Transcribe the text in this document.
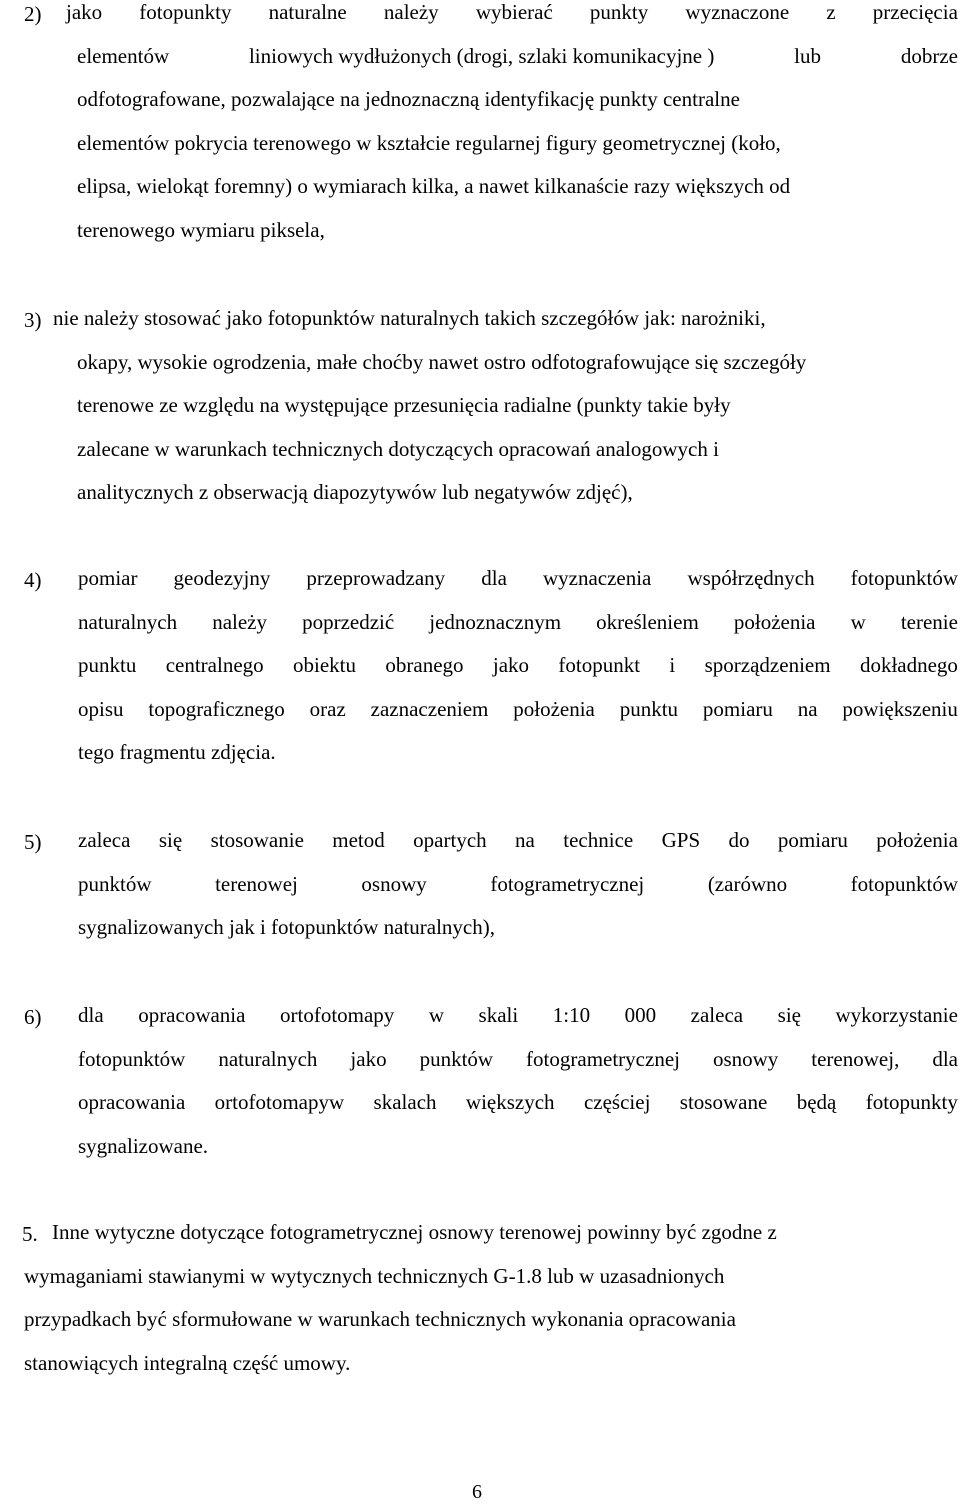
2) jako fotopunkty naturalne należy wybierać punkty wyznaczone z przecięcia
elementów	liniowych wydłużonych (drogi, szlaki komunikacyjne )	lub	dobrze
odfotografowane, pozwalające na jednoznaczną identyfikację punkty centralne
elementów pokrycia terenowego w kształcie regularnej figury geometrycznej (koło,
elipsa, wielokąt foremny) o wymiarach kilka, a nawet kilkanaście razy większych od
terenowego wymiaru piksela,
3) nie należy stosować jako fotopunktów naturalnych takich szczegółów jak: narożniki,
okapy, wysokie ogrodzenia, małe choćby nawet ostro odfotografowujące się szczegóły
terenowe ze względu na występujące przesunięcia radialne (punkty takie były
zalecane w warunkach technicznych dotyczących opracowań analogowych i
analitycznych z obserwacją diapozytywów lub negatywów zdjęć),
4) pomiar geodezyjny przeprowadzany dla wyznaczenia współrzędnych fotopunktów
naturalnych należy poprzedzić jednoznacznym określeniem położenia w terenie
punktu centralnego obiektu obranego jako fotopunkt i sporządzeniem dokładnego
opisu topograficznego oraz zaznaczeniem położenia punktu pomiaru na powiększeniu
tego fragmentu zdjęcia.
5) zaleca się stosowanie metod opartych na technice GPS do pomiaru położenia
punktów	terenowej	osnowy	fotogrametrycznej	(zarówno	fotopunktów
sygnalizowanych jak i fotopunktów naturalnych),
6) dla opracowania ortofotomapy w skali 1:10 000 zaleca się wykorzystanie
fotopunktów naturalnych jako punktów fotogrametrycznej osnowy terenowej, dla
opracowania ortofotomapyw skalach większych częściej stosowane będą fotopunkty
sygnalizowane.
5. Inne wytyczne dotyczące fotogrametrycznej osnowy terenowej powinny być zgodne z
wymaganiami stawianymi w wytycznych technicznych G-1.8 lub w uzasadnionych
przypadkach być sformułowane w warunkach technicznych wykonania opracowania
stanowiących integralną część umowy.
6
